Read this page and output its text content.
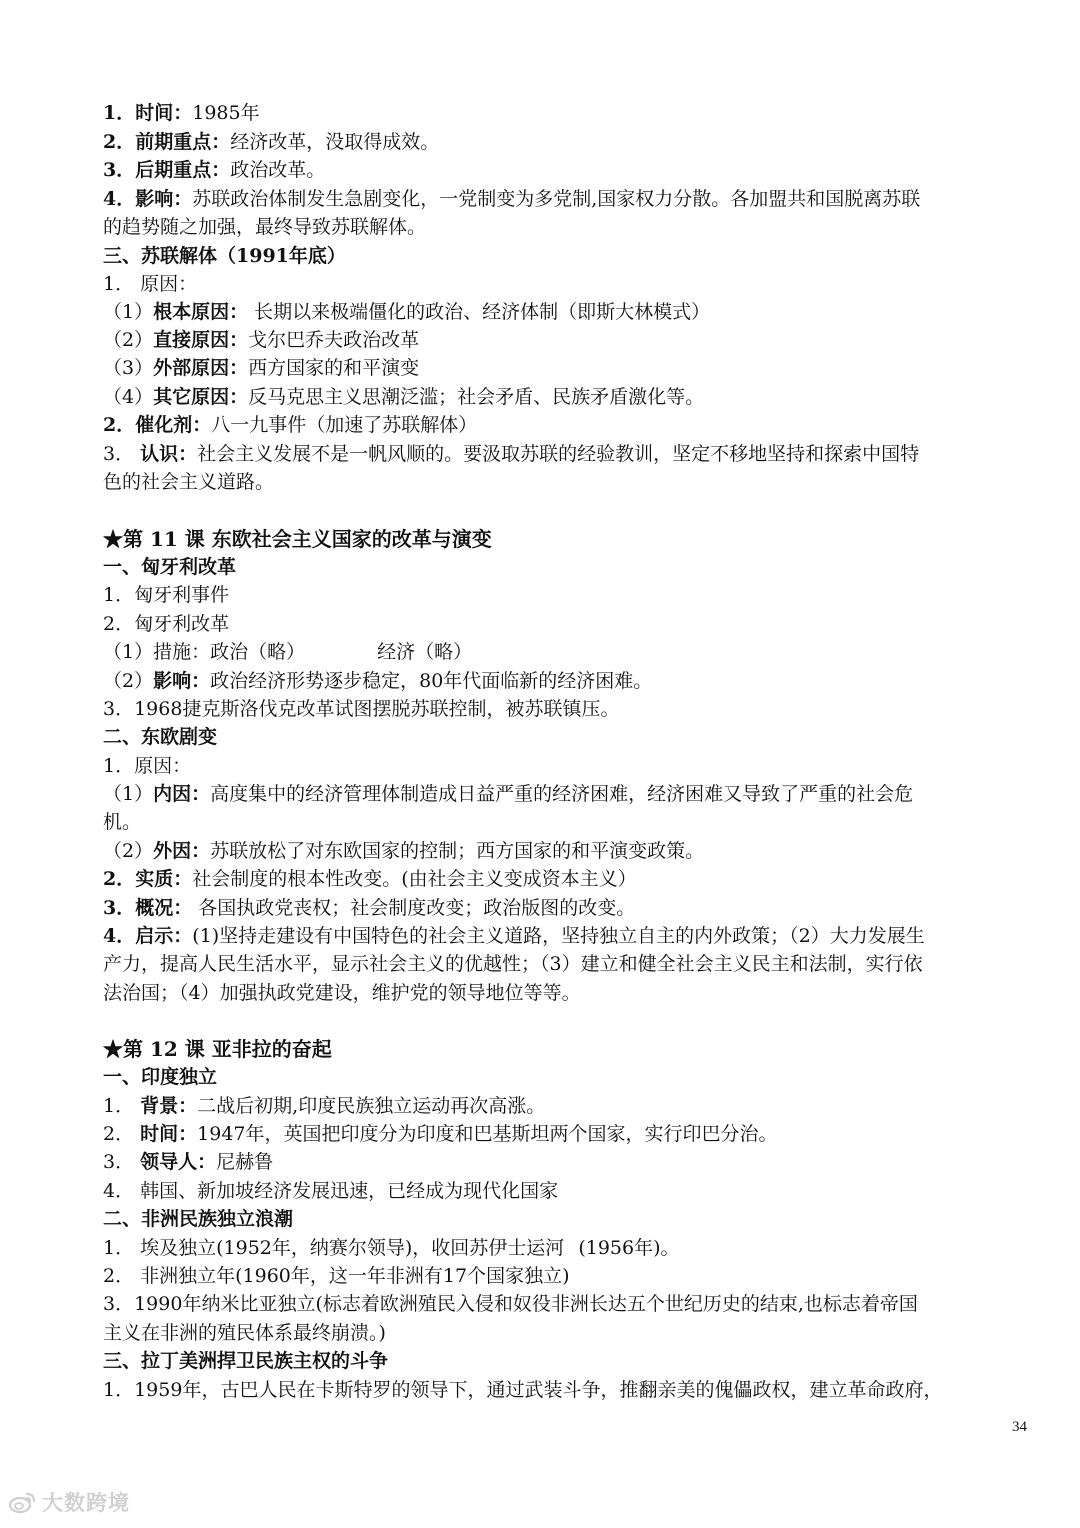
1．时间：1985年
2．前期重点：经济改革，没取得成效。
3．后期重点：政治改革。
4．影响：苏联政治体制发生急剧变化，一党制变为多党制,国家权力分散。各加盟共和国脱离苏联
的趋势随之加强，最终导致苏联解体。
三、苏联解体（1991年底）
1． 原因：
（1）根本原因： 长期以来极端僵化的政治、经济体制（即斯大林模式）
（2）直接原因：戈尔巴乔夫政治改革
（3）外部原因：西方国家的和平演变
（4）其它原因：反马克思主义思潮泛滥；社会矛盾、民族矛盾激化等。
2．催化剂：八一九事件（加速了苏联解体）
3． 认识：社会主义发展不是一帆风顺的。要汲取苏联的经验教训，坚定不移地坚持和探索中国特
色的社会主义道路。
★第 11 课 东欧社会主义国家的改革与演变
一、匈牙利改革
1．匈牙利事件
2．匈牙利改革
（1）措施：政治（略）	经济（略）
（2）影响：政治经济形势逐步稳定，80年代面临新的经济困难。
3．1968捷克斯洛伐克改革试图摆脱苏联控制，被苏联镇压。
二、东欧剧变
1．原因：
（1）内因：高度集中的经济管理体制造成日益严重的经济困难，经济困难又导致了严重的社会危
机。
（2）外因：苏联放松了对东欧国家的控制；西方国家的和平演变政策。
2．实质：社会制度的根本性改变。(由社会主义变成资本主义）
3．概况： 各国执政党丧权；社会制度改变；政治版图的改变。
4．启示：(1)坚持走建设有中国特色的社会主义道路，坚持独立自主的内外政策；（2）大力发展生
产力，提高人民生活水平，显示社会主义的优越性；（3）建立和健全社会主义民主和法制，实行依
法治国；（4）加强执政党建设，维护党的领导地位等等。
★第 12 课 亚非拉的奋起
一、印度独立
1． 背景：二战后初期,印度民族独立运动再次高涨。
2． 时间：1947年，英国把印度分为印度和巴基斯坦两个国家，实行印巴分治。
3． 领导人：尼赫鲁
4． 韩国、新加坡经济发展迅速，已经成为现代化国家
二、非洲民族独立浪潮
1． 埃及独立(1952年，纳赛尔领导)，收回苏伊士运河 (1956年)。
2． 非洲独立年(1960年，这一年非洲有17个国家独立)
3．1990年纳米比亚独立(标志着欧洲殖民入侵和奴役非洲长达五个世纪历史的结束,也标志着帝国
主义在非洲的殖民体系最终崩溃。)
三、拉丁美洲捍卫民族主权的斗争
1．1959年，古巴人民在卡斯特罗的领导下，通过武装斗争，推翻亲美的傀儡政权，建立革命政府，
34
大数跨境
